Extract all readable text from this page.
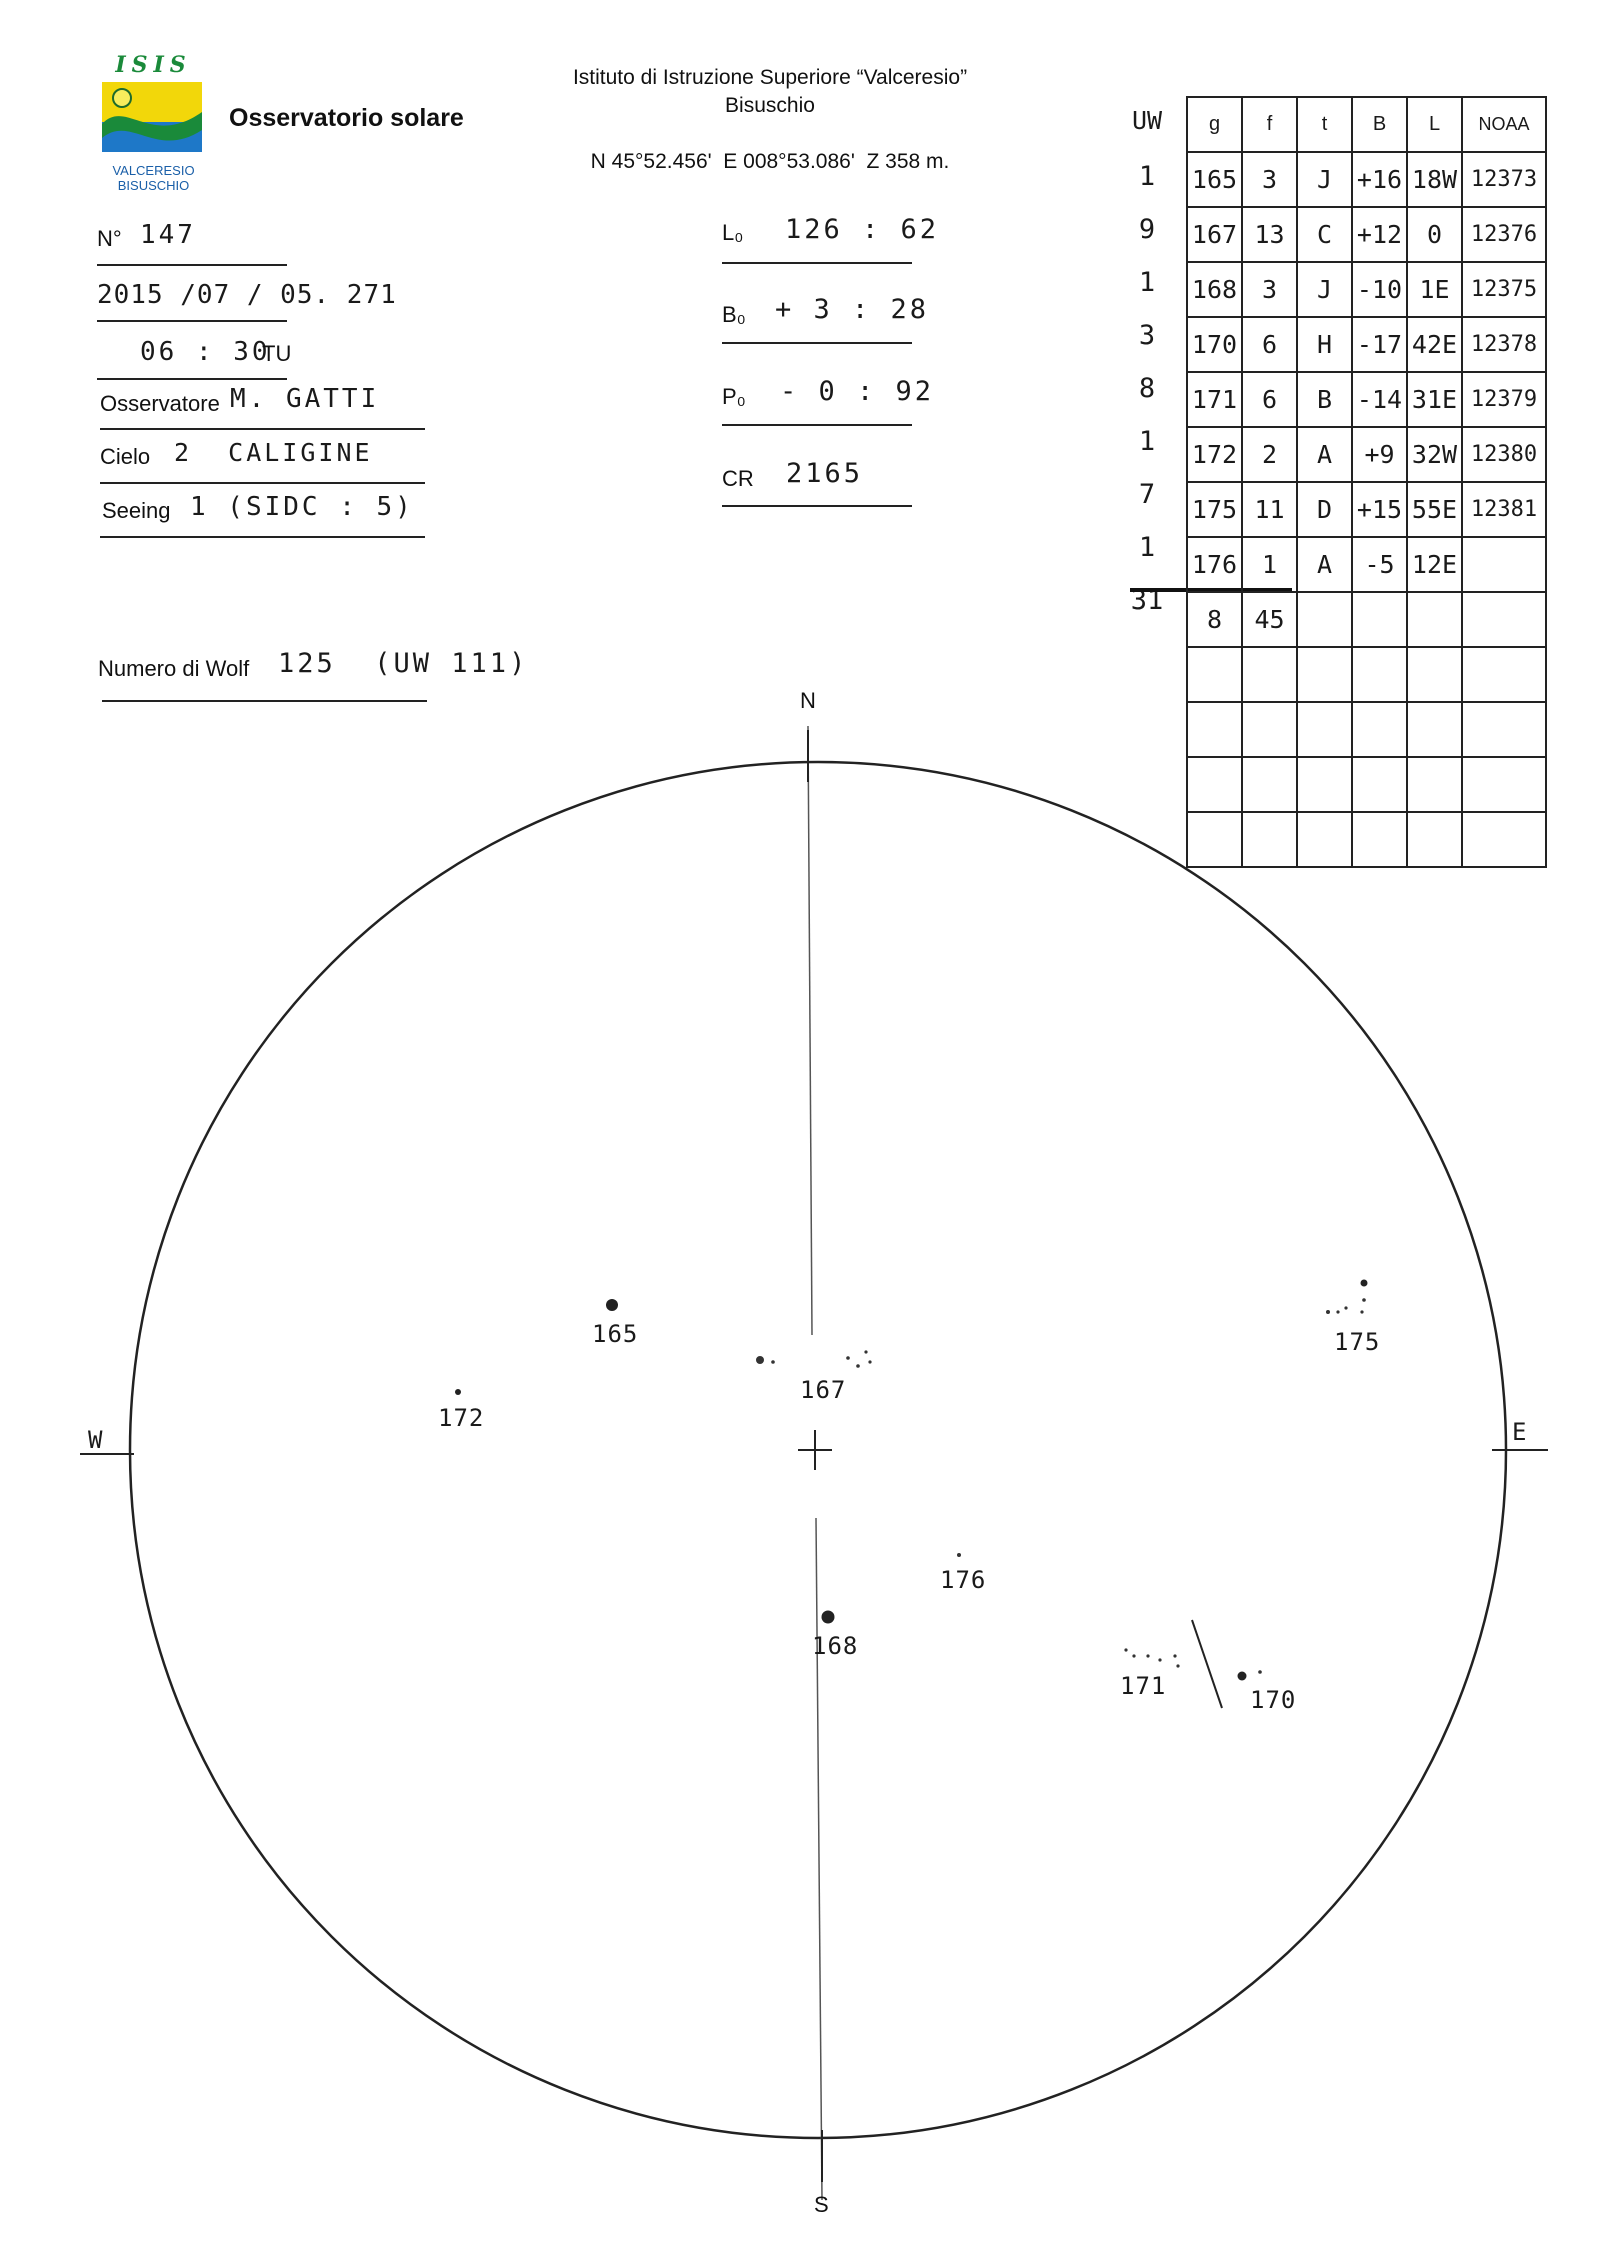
ISIS
VALCERESIO
BISUSCHIO
Osservatorio solare
Istituto di Istruzione Superiore “Valceresio”
Bisuschio
N 45°52.456'  E 008°53.086'  Z 358 m.
N° 147
2015 /07 / 05. 271
06 : 30
TU
Osservatore M. GATTI
Cielo 2  CALIGINE
Seeing 1 (SIDC : 5)
Numero di Wolf 125  (UW 111)
L₀ 126 : 62
B₀ + 3 : 28
P₀ - 0 : 92
CR 2165
UW
1
9
1
3
8
1
7
1
31
g	f	t	B	L	NOAA
165	3	J	+16	18W	12373
167	13	C	+12	0	12376
168	3	J	-10	1E	12375
170	6	H	-17	42E	12378
171	6	B	-14	31E	12379
172	2	A	+9	32W	12380
175	11	D	+15	55E	12381
176	1	A	-5	12E	
8	45				

N
S
W	E
165
167
168
170
171
172
175
176
